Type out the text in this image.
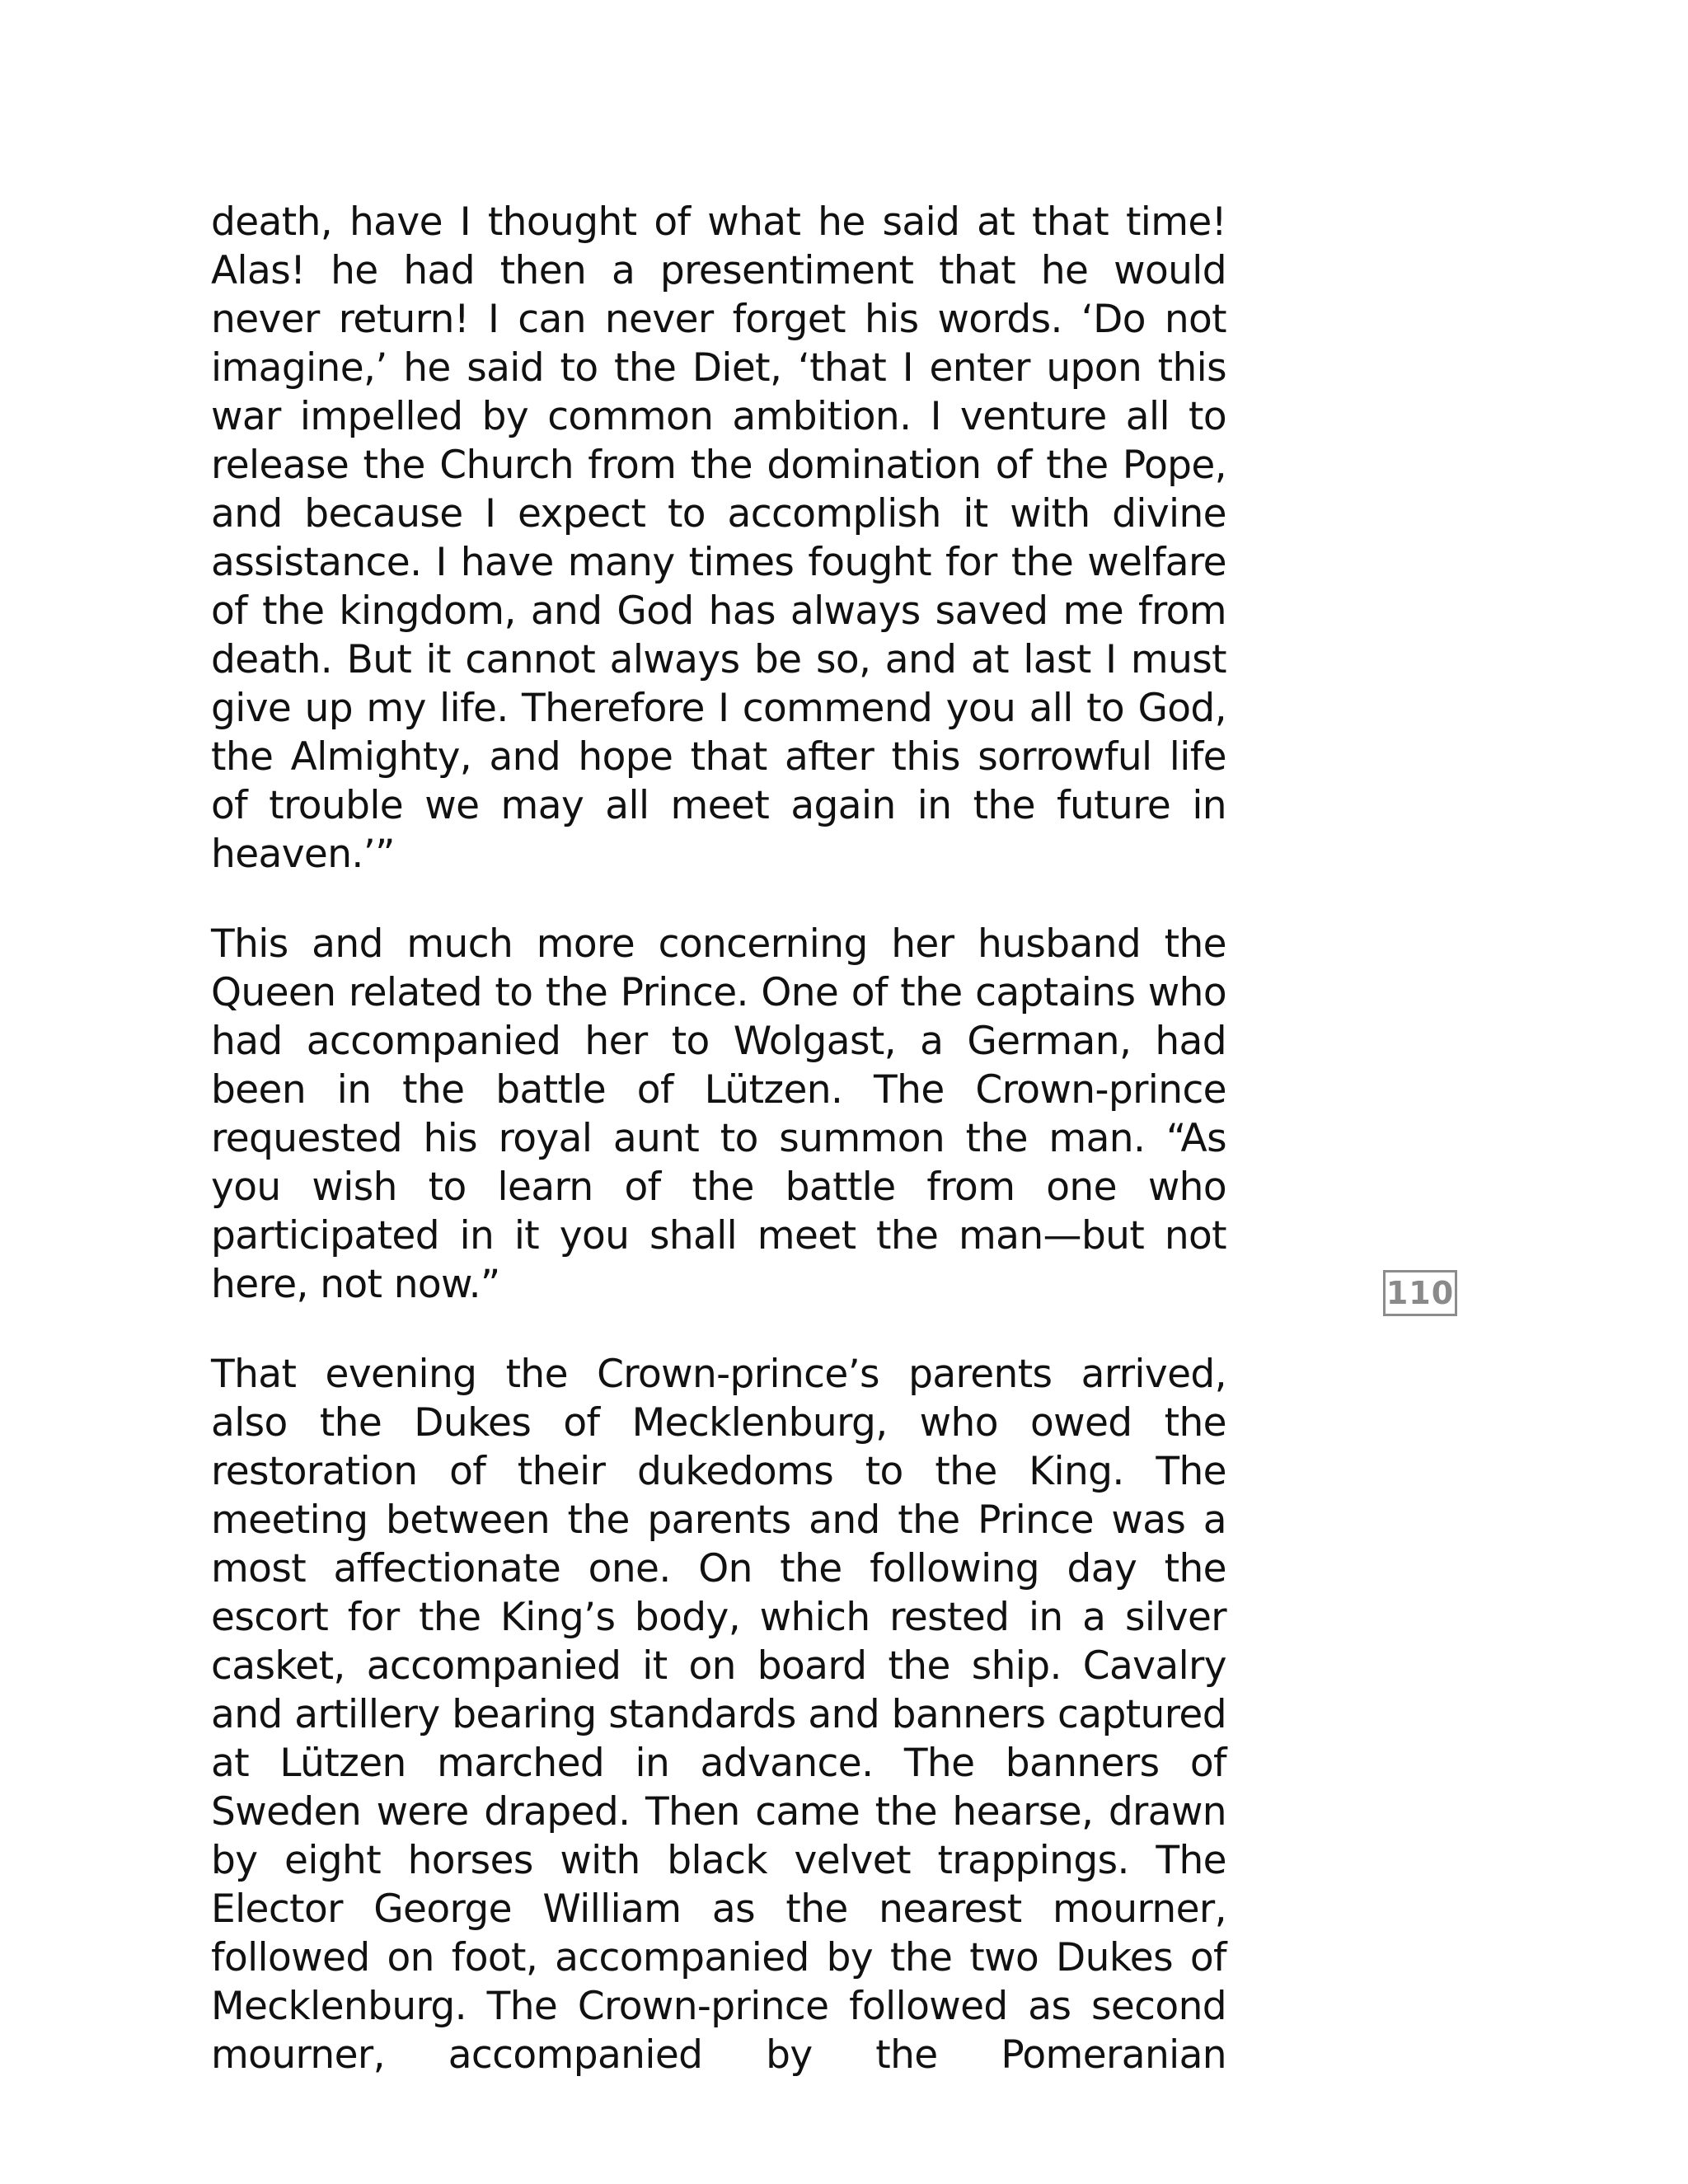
death, have I thought of what he said at that time! Alas! he had then a presentiment that he would never return! I can never forget his words. ‘Do not imagine,’ he said to the Diet, ‘that I enter upon this war impelled by common ambition. I venture all to release the Church from the domination of the Pope, and because I expect to accomplish it with divine assistance. I have many times fought for the welfare of the kingdom, and God has always saved me from death. But it cannot always be so, and at last I must give up my life. Therefore I commend you all to God, the Almighty, and hope that after this sorrowful life of trouble we may all meet again in the future in heaven.’”

This and much more concerning her husband the Queen related to the Prince. One of the captains who had accompanied her to Wolgast, a German, had been in the battle of Lützen. The Crown-prince requested his royal aunt to summon the man. “As you wish to learn of the battle from one who participated in it you shall meet the man—but not here, not now.”

That evening the Crown-prince’s parents arrived, also the Dukes of Mecklenburg, who owed the restoration of their dukedoms to the King. The meeting between the parents and the Prince was a most affectionate one. On the following day the escort for the King’s body, which rested in a silver casket, accompanied it on board the ship. Cavalry and artillery bearing standards and banners captured at Lützen marched in advance. The banners of Sweden were draped. Then came the hearse, drawn by eight horses with black velvet trappings. The Elector George William as the nearest mourner, followed on foot, accompanied by the two Dukes of Mecklenburg. The Crown-prince followed as second mourner, accompanied by the Pomeranian

110
